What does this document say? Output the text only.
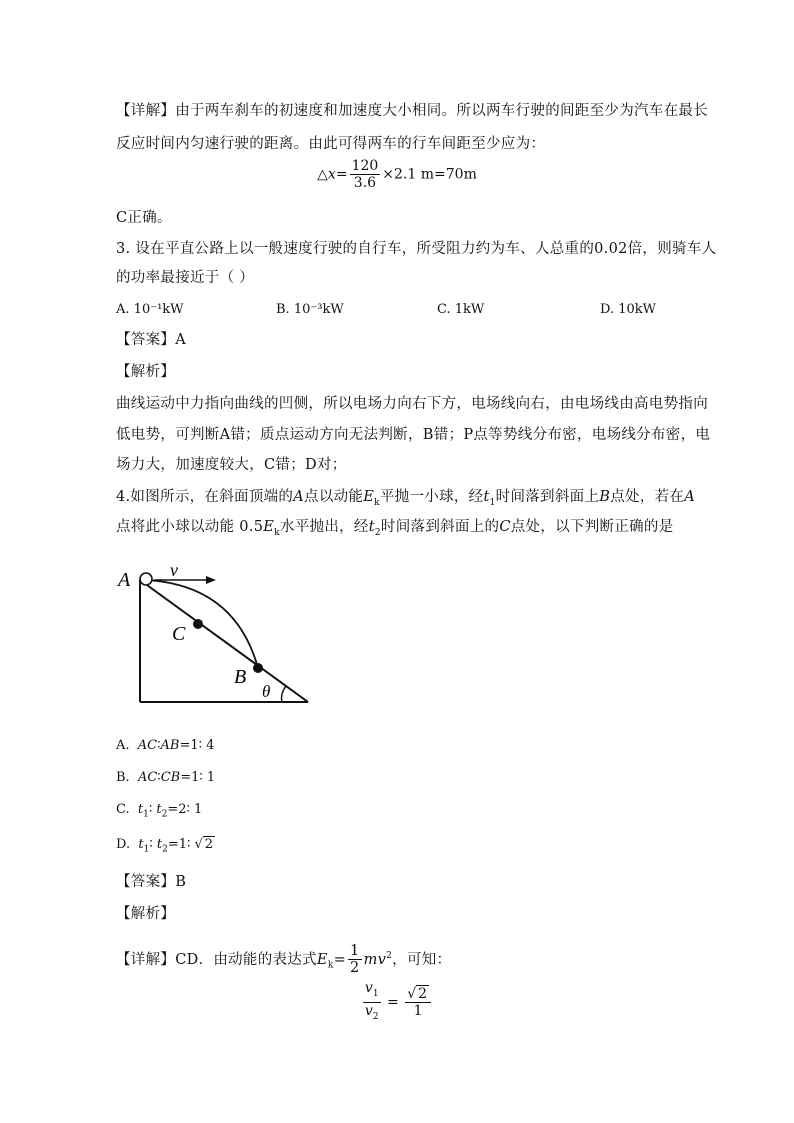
【详解】由于两车刹车的初速度和加速度大小相同。所以两车行驶的间距至少为汽车在最长
反应时间内匀速行驶的距离。由此可得两车的行车间距至少应为：
△x= $\frac{120}{3.6} \times 2.1$ m=70m
C正确。
3. 设在平直公路上以一般速度行驶的自行车，所受阻力约为车、人总重的0.02倍，则骑车人
的功率最接近于（ ）
A. 10⁻¹kW	B. 10⁻³kW	C. 1kW	D. 10kW
【答案】A
【解析】
曲线运动中力指向曲线的凹侧，所以电场力向右下方，电场线向右，由电场线由高电势指向
低电势，可判断A错；质点运动方向无法判断，B错；P点等势线分布密，电场线分布密，电
场力大，加速度较大，C错；D对；
4.如图所示，在斜面顶端的A点以动能$E_k$平抛一小球，经$t_1$时间落到斜面上B点处，若在A
点将此小球以动能 $0.5E_k$水平抛出，经$t_2$时间落到斜面上的C点处，以下判断正确的是
A v
C
B
θ
A. AC∶AB=1∶ 4
B. AC∶CB=1∶ 1
C. $t_1∶$ $t_2=2∶$ 1
D. $t_1∶$ $t_2=1∶$ √ 2
【答案】B
【解析】
【详解】CD．由动能的表达式$E_k= \frac{1}{2} mv^2$，可知：
$\frac{v_1}{v_2} = \frac{√ 2}{1}$
